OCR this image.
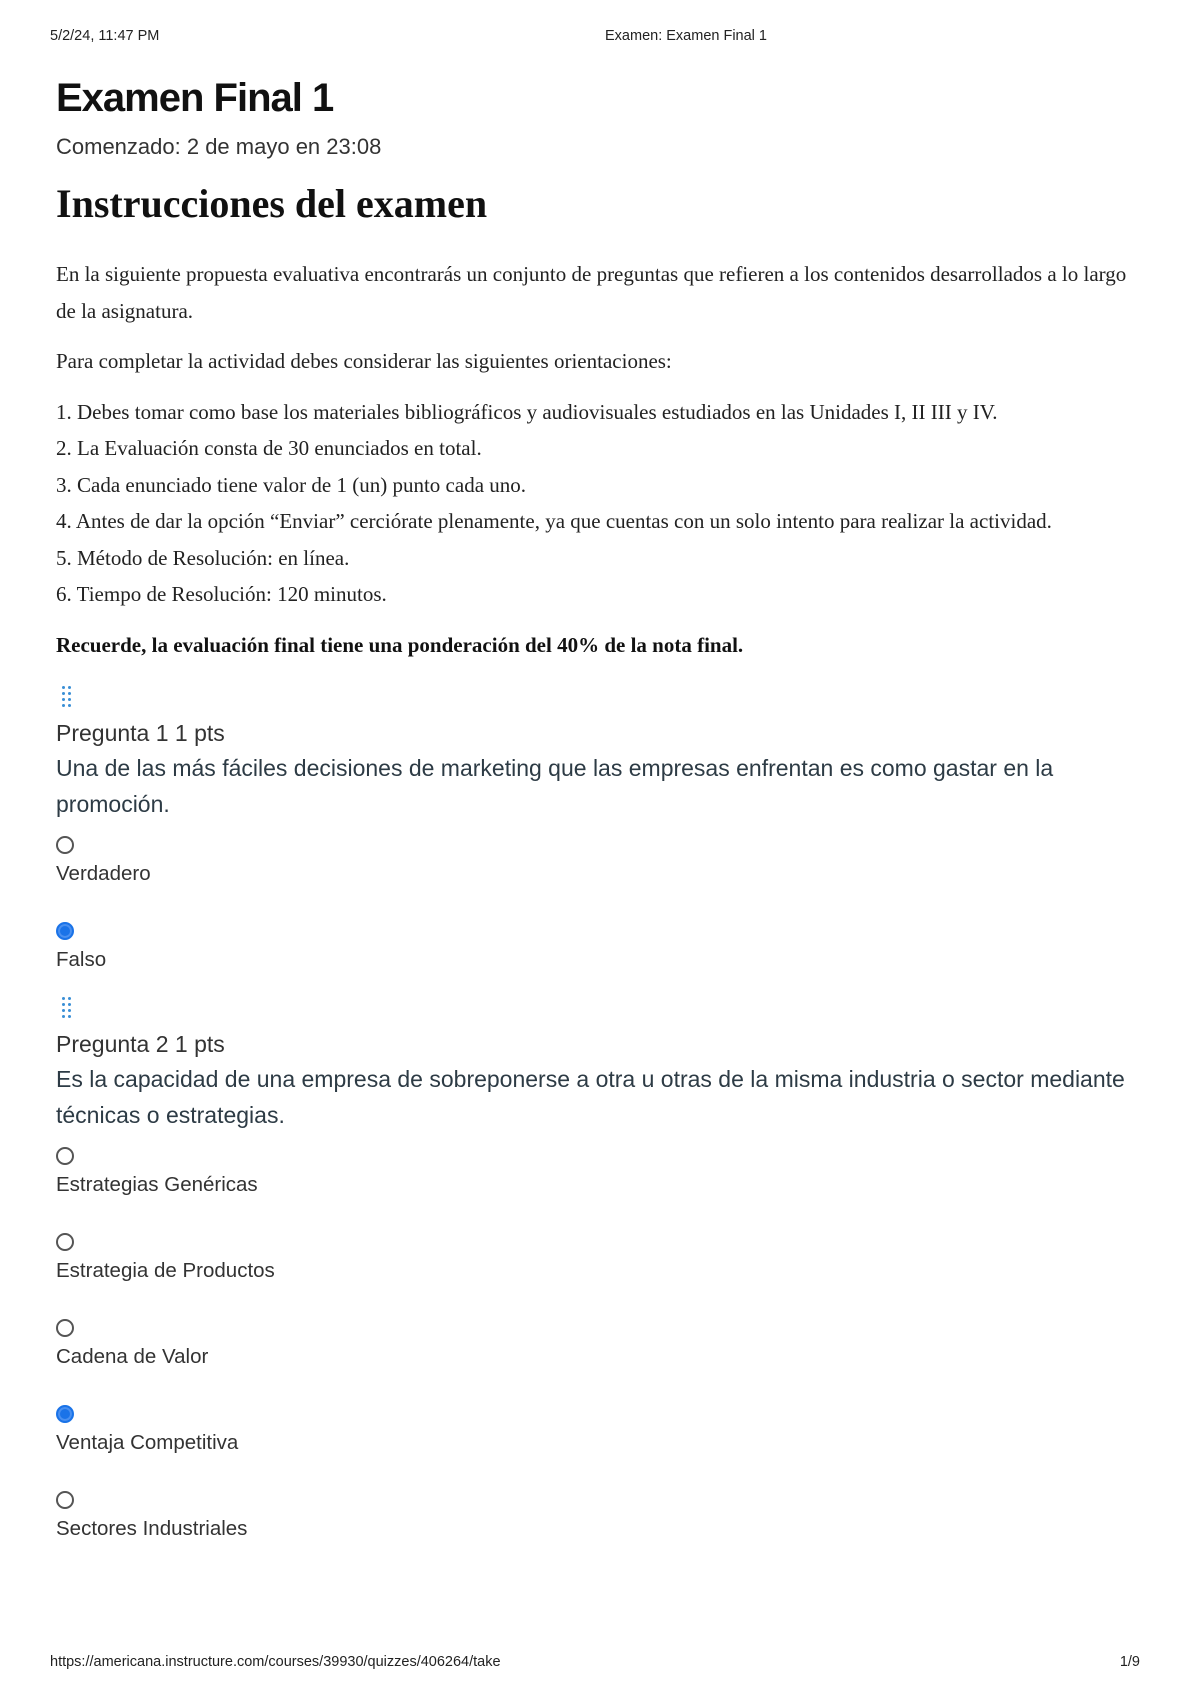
5/2/24, 11:47 PM	Examen: Examen Final 1
Examen Final 1
Comenzado: 2 de mayo en 23:08
Instrucciones del examen

En la siguiente propuesta evaluativa encontrarás un conjunto de preguntas que refieren a los contenidos desarrollados a lo largo de la asignatura.

Para completar la actividad debes considerar las siguientes orientaciones:

1. Debes tomar como base los materiales bibliográficos y audiovisuales estudiados en las Unidades I, II III y IV.
2. La Evaluación consta de 30 enunciados en total.
3. Cada enunciado tiene valor de 1 (un) punto cada uno.
4. Antes de dar la opción “Enviar” cerciórate plenamente, ya que cuentas con un solo intento para realizar la actividad.
5. Método de Resolución: en línea.
6. Tiempo de Resolución: 120 minutos.
Recuerde, la evaluación final tiene una ponderación del 40% de la nota final.
Pregunta 1 1 pts
Una de las más fáciles decisiones de marketing que las empresas enfrentan es como gastar en la promoción.
Verdadero
Falso
Pregunta 2 1 pts
Es la capacidad de una empresa de sobreponerse a otra u otras de la misma industria o sector mediante técnicas o estrategias.
Estrategias Genéricas
Estrategia de Productos
Cadena de Valor
Ventaja Competitiva
Sectores Industriales
https://americana.instructure.com/courses/39930/quizzes/406264/take	1/9
